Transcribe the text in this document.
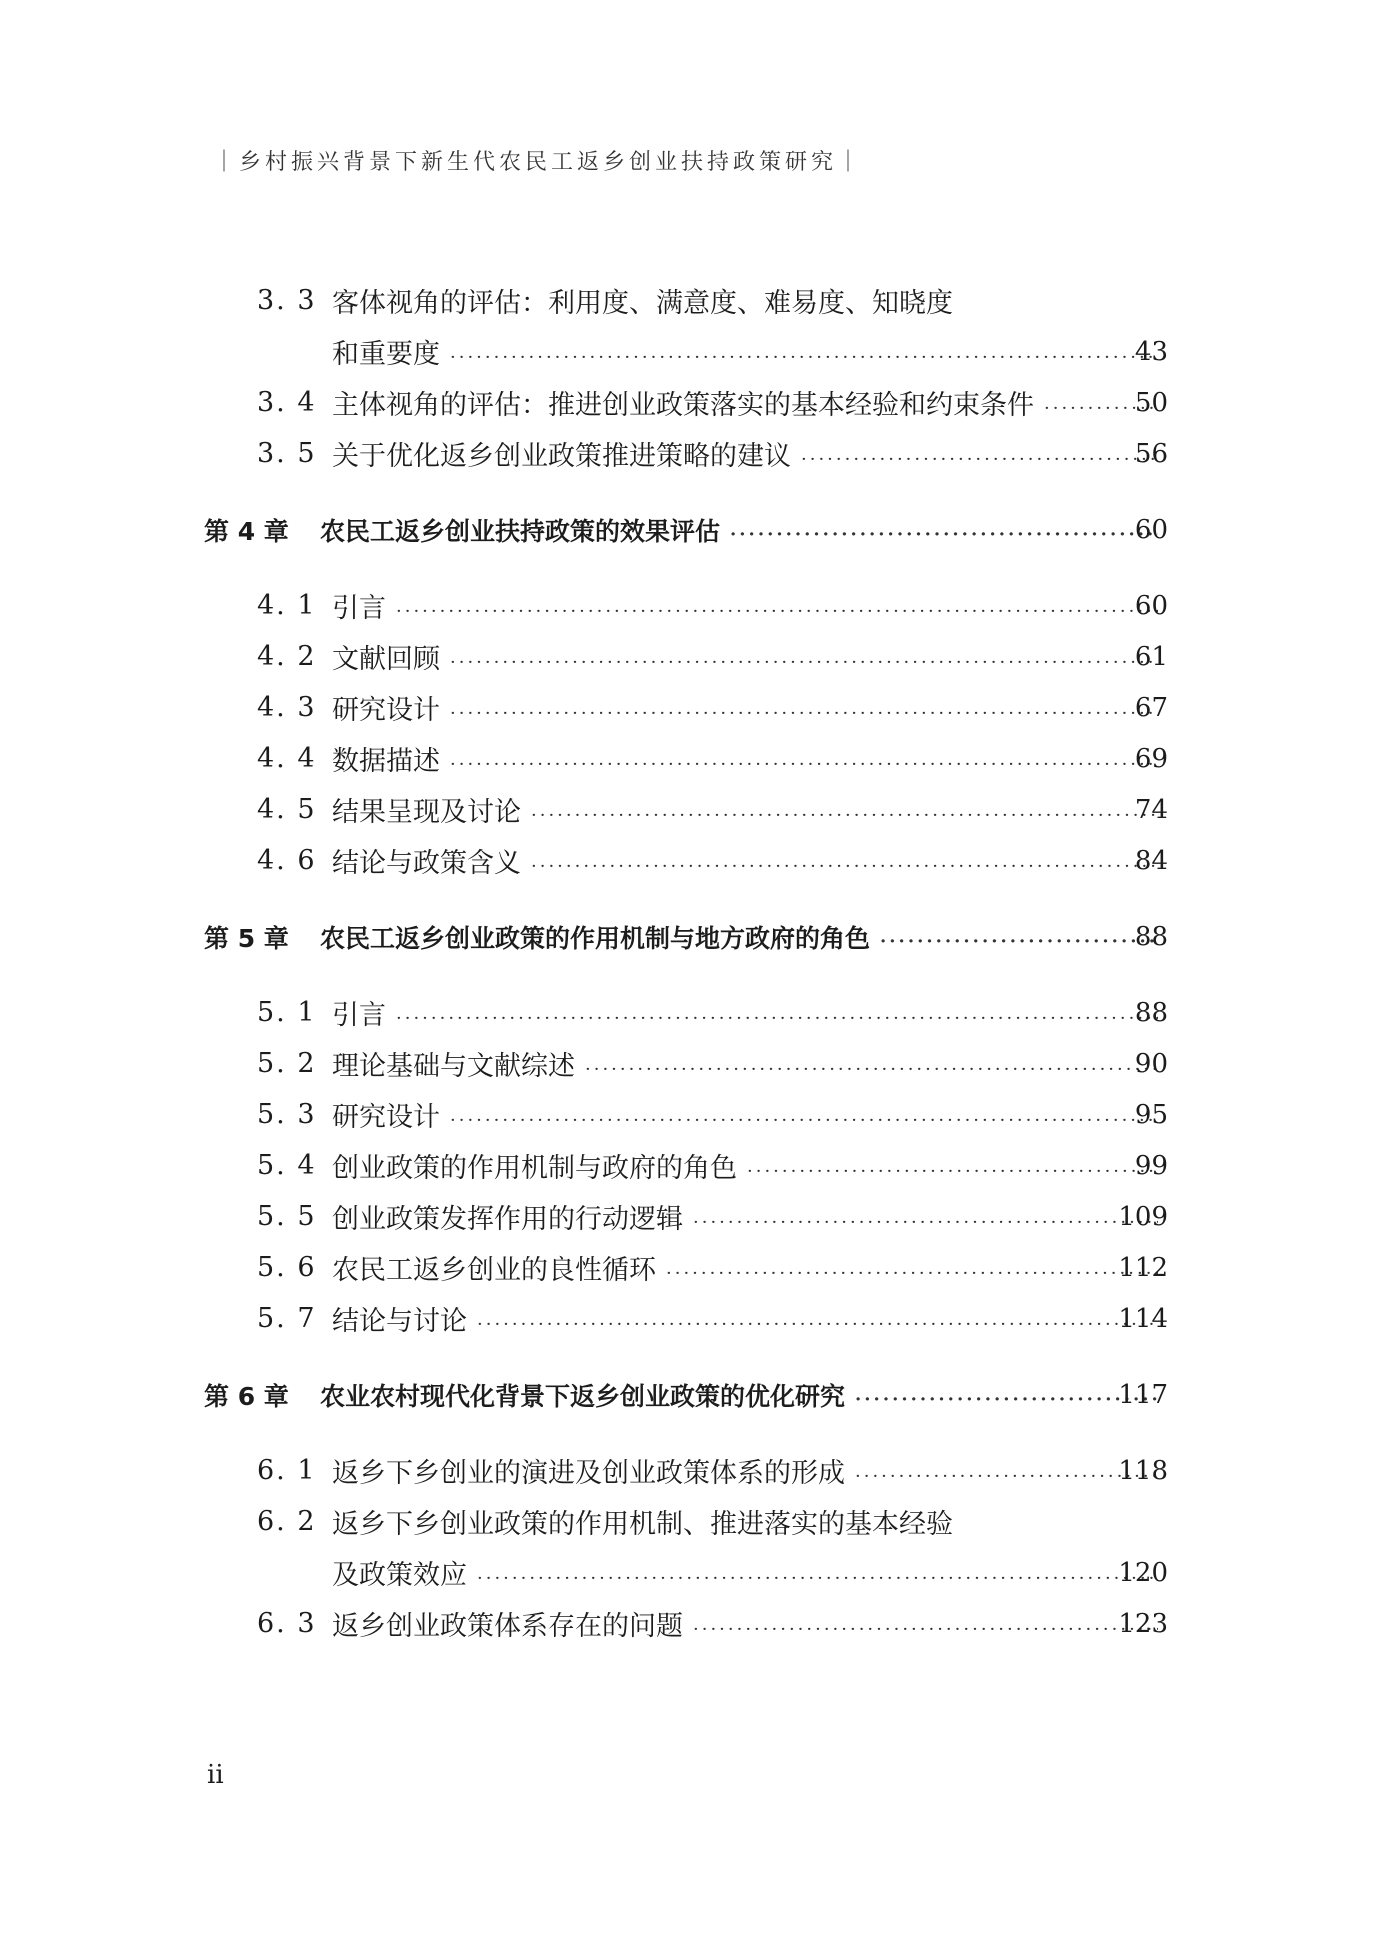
｜乡村振兴背景下新生代农民工返乡创业扶持政策研究｜
3. 3 客体视角的评估：利用度、满意度、难易度、知晓度
和重要度 ·····	43
3. 4 主体视角的评估：推进创业政策落实的基本经验和约束条件 ·····	50
3. 5 关于优化返乡创业政策推进策略的建议 ·····	56
第 4 章	农民工返乡创业扶持政策的效果评估 ·····	60
4. 1 引言 ·····	60
4. 2 文献回顾 ·····	61
4. 3 研究设计 ·····	67
4. 4 数据描述 ·····	69
4. 5 结果呈现及讨论 ·····	74
4. 6 结论与政策含义 ·····	84
第 5 章	农民工返乡创业政策的作用机制与地方政府的角色 ·····	88
5. 1 引言 ·····	88
5. 2 理论基础与文献综述 ·····	90
5. 3 研究设计 ·····	95
5. 4 创业政策的作用机制与政府的角色 ·····	99
5. 5 创业政策发挥作用的行动逻辑 ·····	109
5. 6 农民工返乡创业的良性循环 ·····	112
5. 7 结论与讨论 ·····	114
第 6 章	农业农村现代化背景下返乡创业政策的优化研究 ·····	117
6. 1 返乡下乡创业的演进及创业政策体系的形成 ·····	118
6. 2 返乡下乡创业政策的作用机制、推进落实的基本经验
及政策效应 ·····	120
6. 3 返乡创业政策体系存在的问题 ·····	123
ii
